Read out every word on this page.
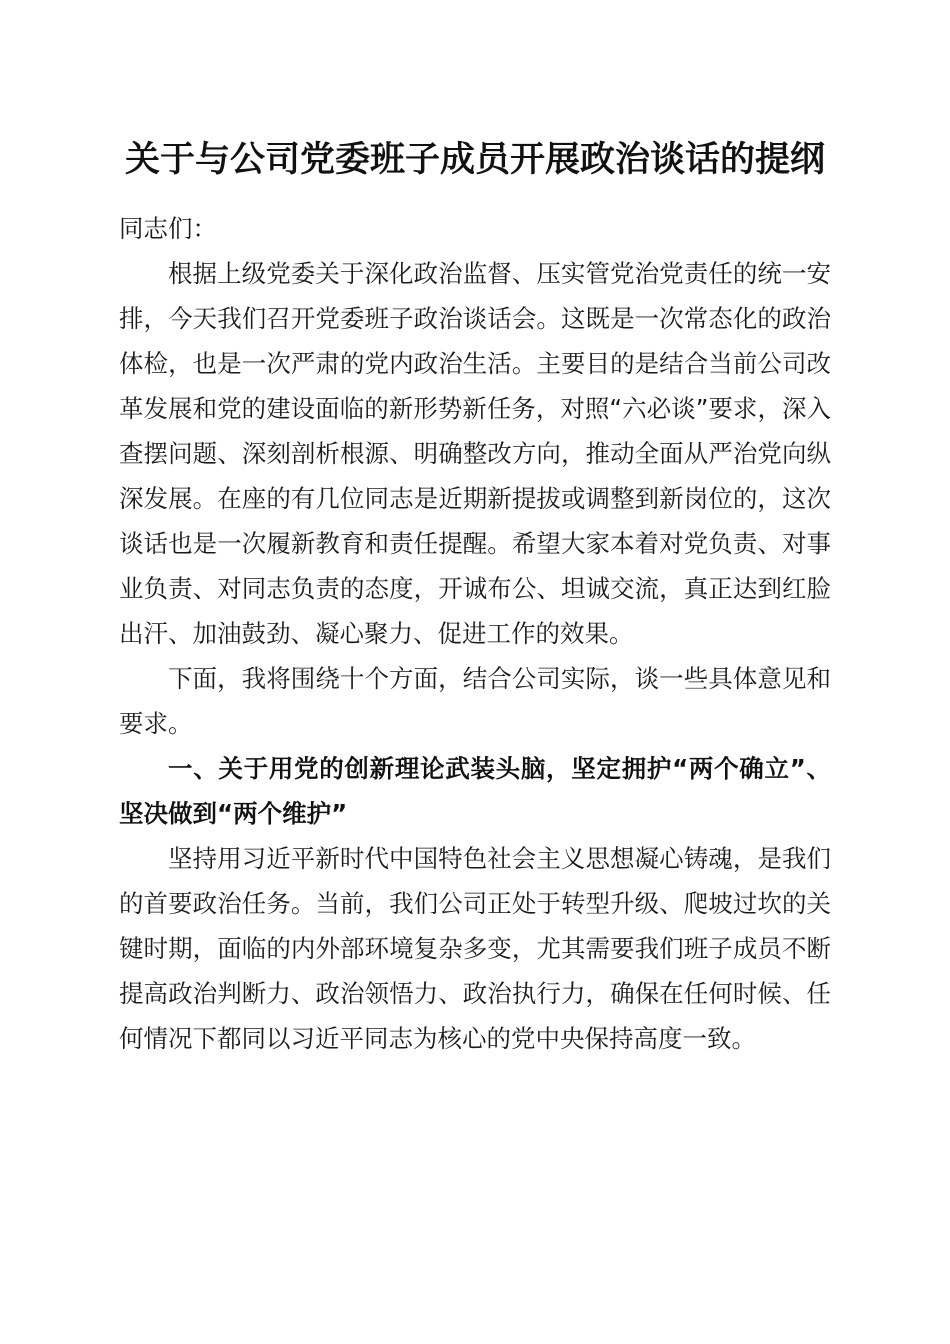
关于与公司党委班子成员开展政治谈话的提纲

同志们：

根据上级党委关于深化政治监督、压实管党治党责任的统一安排，今天我们召开党委班子政治谈话会。这既是一次常态化的政治体检，也是一次严肃的党内政治生活。主要目的是结合当前公司改革发展和党的建设面临的新形势新任务，对照“六必谈”要求，深入查摆问题、深刻剖析根源、明确整改方向，推动全面从严治党向纵深发展。在座的有几位同志是近期新提拔或调整到新岗位的，这次谈话也是一次履新教育和责任提醒。希望大家本着对党负责、对事业负责、对同志负责的态度，开诚布公、坦诚交流，真正达到红脸出汗、加油鼓劲、凝心聚力、促进工作的效果。

下面，我将围绕十个方面，结合公司实际，谈一些具体意见和要求。

一、关于用党的创新理论武装头脑，坚定拥护“两个确立”、坚决做到“两个维护”

坚持用习近平新时代中国特色社会主义思想凝心铸魂，是我们的首要政治任务。当前，我们公司正处于转型升级、爬坡过坎的关键时期，面临的内外部环境复杂多变，尤其需要我们班子成员不断提高政治判断力、政治领悟力、政治执行力，确保在任何时候、任何情况下都同以习近平同志为核心的党中央保持高度一致。
